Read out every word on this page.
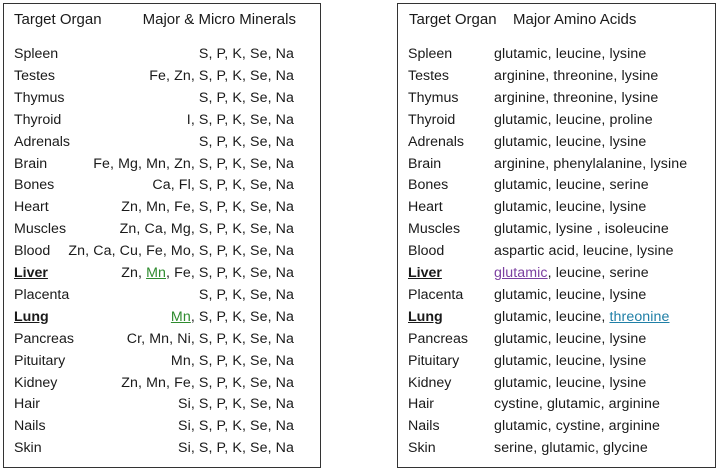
Target Organ	Major & Micro Minerals
Spleen	S, P, K, Se, Na
Testes	Fe, Zn, S, P, K, Se, Na
Thymus	S, P, K, Se, Na
Thyroid	I, S, P, K, Se, Na
Adrenals	S, P, K, Se, Na
Brain	Fe, Mg, Mn, Zn, S, P, K, Se, Na
Bones	Ca, Fl, S, P, K, Se, Na
Heart	Zn, Mn, Fe, S, P, K, Se, Na
Muscles	Zn, Ca, Mg, S, P, K, Se, Na
Blood Zn, Ca, Cu, Fe, Mo, S, P, K, Se, Na
Liver	Zn, Mn, Fe, S, P, K, Se, Na
Placenta	S, P, K, Se, Na
Lung	Mn, S, P, K, Se, Na
Pancreas	Cr, Mn, Ni, S, P, K, Se, Na
Pituitary	Mn, S, P, K, Se, Na
Kidney	Zn, Mn, Fe, S, P, K, Se, Na
Hair	Si, S, P, K, Se, Na
Nails	Si, S, P, K, Se, Na
Skin	Si, S, P, K, Se, Na
Target Organ Major Amino Acids
Spleen	glutamic, leucine, lysine
Testes	arginine, threonine, lysine
Thymus	arginine, threonine, lysine
Thyroid	glutamic, leucine, proline
Adrenals glutamic, leucine, lysine
Brain	arginine, phenylalanine, lysine
Bones	glutamic, leucine, serine
Heart	glutamic, leucine, lysine
Muscles glutamic, lysine , isoleucine
Blood	aspartic acid, leucine, lysine
Liver	glutamic, leucine, serine
Placenta glutamic, leucine, lysine
Lung	glutamic, leucine, threonine
Pancreas glutamic, leucine, lysine
Pituitary glutamic, leucine, lysine
Kidney	glutamic, leucine, lysine
Hair	cystine, glutamic, arginine
Nails	glutamic, cystine, arginine
Skin	serine, glutamic, glycine
